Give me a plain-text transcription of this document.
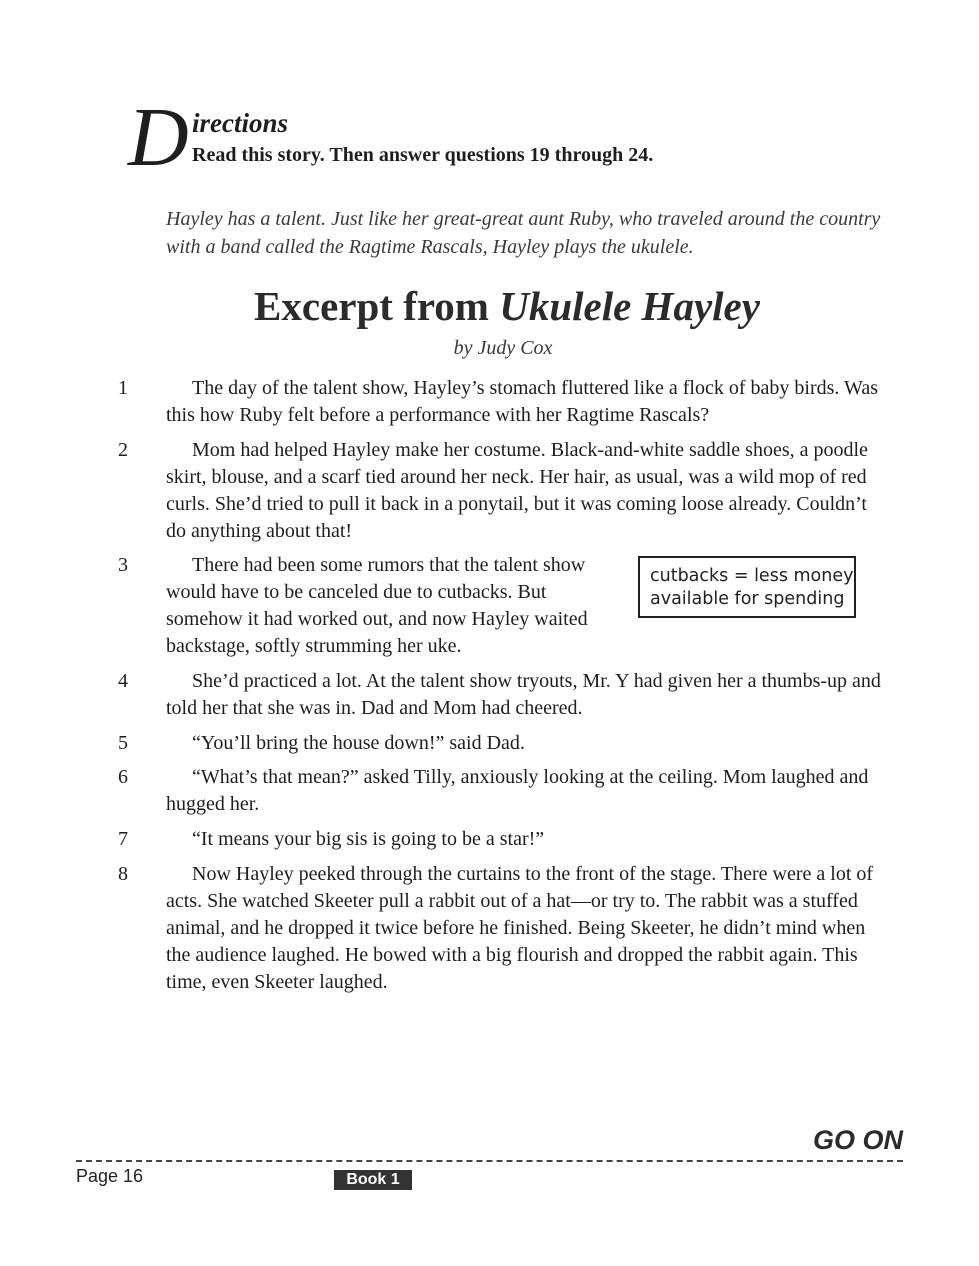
D irections
Read this story. Then answer questions 19 through 24.
Hayley has a talent. Just like her great-great aunt Ruby, who traveled around the country with a band called the Ragtime Rascals, Hayley plays the ukulele.
Excerpt from Ukulele Hayley
by Judy Cox
1	The day of the talent show, Hayley’s stomach fluttered like a flock of baby birds. Was this how Ruby felt before a performance with her Ragtime Rascals?
2	Mom had helped Hayley make her costume. Black-and-white saddle shoes, a poodle skirt, blouse, and a scarf tied around her neck. Her hair, as usual, was a wild mop of red curls. She’d tried to pull it back in a ponytail, but it was coming loose already. Couldn’t do anything about that!
3	There had been some rumors that the talent show would have to be canceled due to cutbacks. But somehow it had worked out, and now Hayley waited backstage, softly strumming her uke.
cutbacks = less money
available for spending
4	She’d practiced a lot. At the talent show tryouts, Mr. Y had given her a thumbs-up and told her that she was in. Dad and Mom had cheered.
5	“You’ll bring the house down!” said Dad.
6	“What’s that mean?” asked Tilly, anxiously looking at the ceiling. Mom laughed and hugged her.
7	“It means your big sis is going to be a star!”
8	Now Hayley peeked through the curtains to the front of the stage. There were a lot of acts. She watched Skeeter pull a rabbit out of a hat—or try to. The rabbit was a stuffed animal, and he dropped it twice before he finished. Being Skeeter, he didn’t mind when the audience laughed. He bowed with a big flourish and dropped the rabbit again. This time, even Skeeter laughed.
GO ON
Page 16	Book 1
